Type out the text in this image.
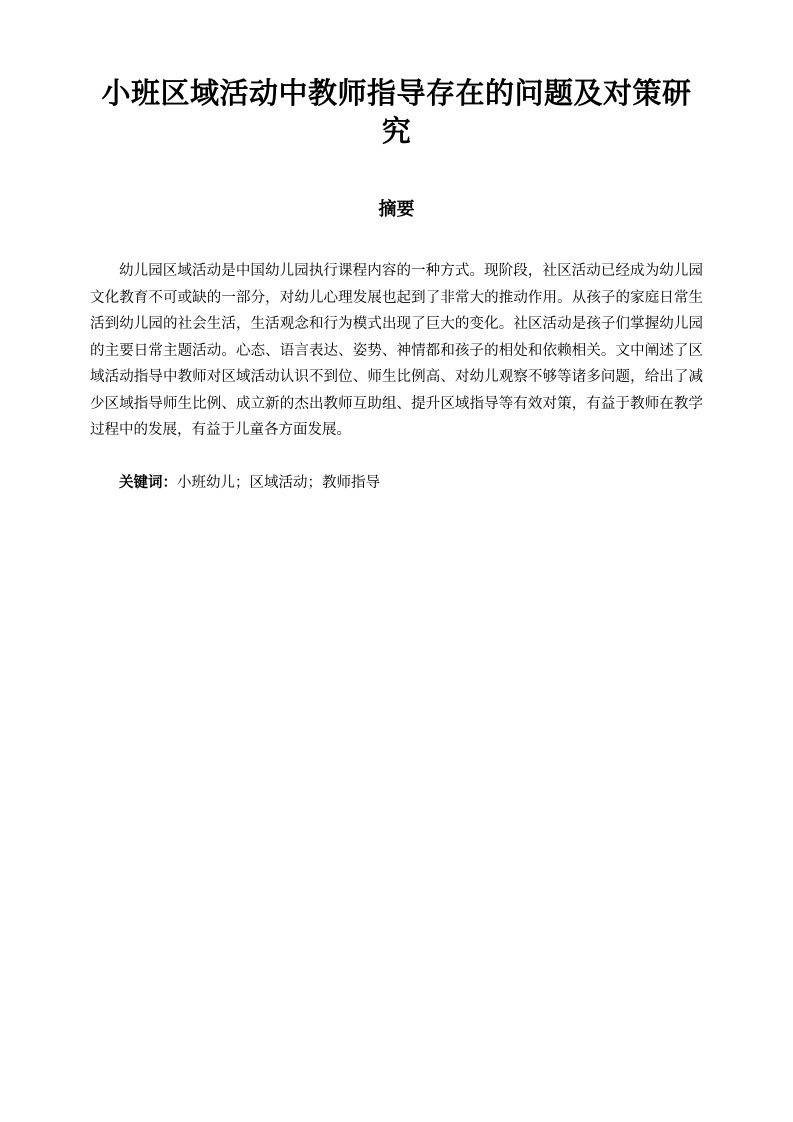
小班区域活动中教师指导存在的问题及对策研究
摘要

幼儿园区域活动是中国幼儿园执行课程内容的一种方式。现阶段，社区活动已经成为幼儿园文化教育不可或缺的一部分，对幼儿心理发展也起到了非常大的推动作用。从孩子的家庭日常生活到幼儿园的社会生活，生活观念和行为模式出现了巨大的变化。社区活动是孩子们掌握幼儿园的主要日常主题活动。心态、语言表达、姿势、神情都和孩子的相处和依赖相关。文中阐述了区域活动指导中教师对区域活动认识不到位、师生比例高、对幼儿观察不够等诸多问题，给出了减少区域指导师生比例、成立新的杰出教师互助组、提升区域指导等有效对策，有益于教师在教学过程中的发展，有益于儿童各方面发展。

关键词：小班幼儿；区域活动；教师指导
